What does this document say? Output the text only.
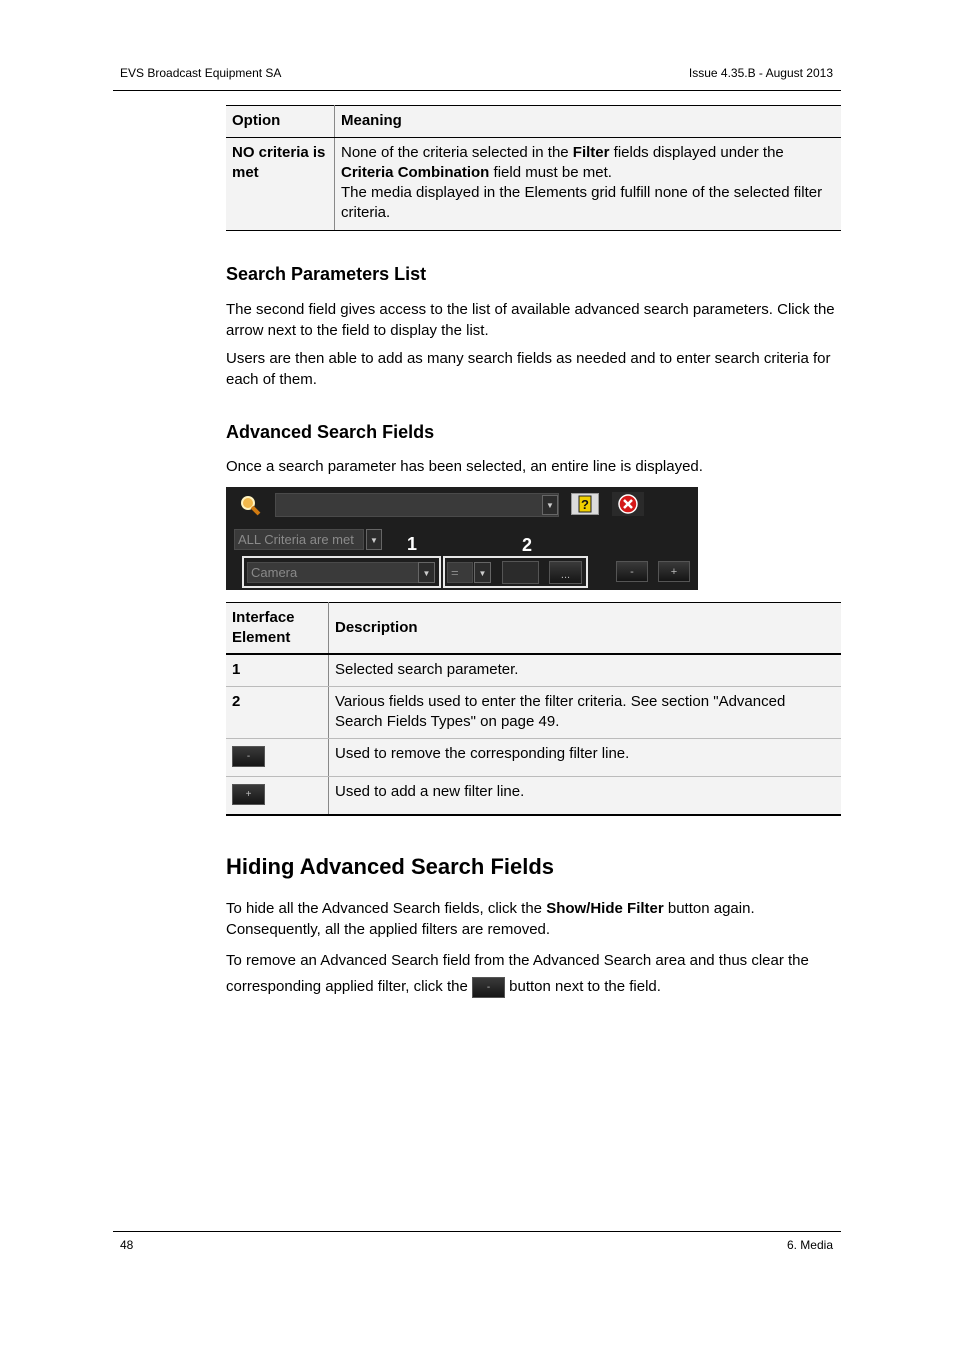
EVS Broadcast Equipment SA	Issue 4.35.B - August 2013
Option	Meaning
NO criteria is met	None of the criteria selected in the Filter fields displayed under the Criteria Combination field must be met.
The media displayed in the Elements grid fulfill none of the selected filter criteria.
Search Parameters List

The second field gives access to the list of available advanced search parameters. Click the arrow next to the field to display the list.

Users are then able to add as many search fields as needed and to enter search criteria for each of them.

Advanced Search Fields

Once a search parameter has been selected, an entire line is displayed.

▼	?
ALL Criteria are met	▼ 1	2
Camera	▼	=	▼	...	-	+
Interface Element	Description
1	Selected search parameter.
2	Various fields used to enter the filter criteria. See section "Advanced Search Fields Types" on page 49.
-	Used to remove the corresponding filter line.
+	Used to add a new filter line.
Hiding Advanced Search Fields

To hide all the Advanced Search fields, click the Show/Hide Filter button again. Consequently, all the applied filters are removed.

To remove an Advanced Search field from the Advanced Search area and thus clear the corresponding applied filter, click the - button next to the field.

48	6. Media
